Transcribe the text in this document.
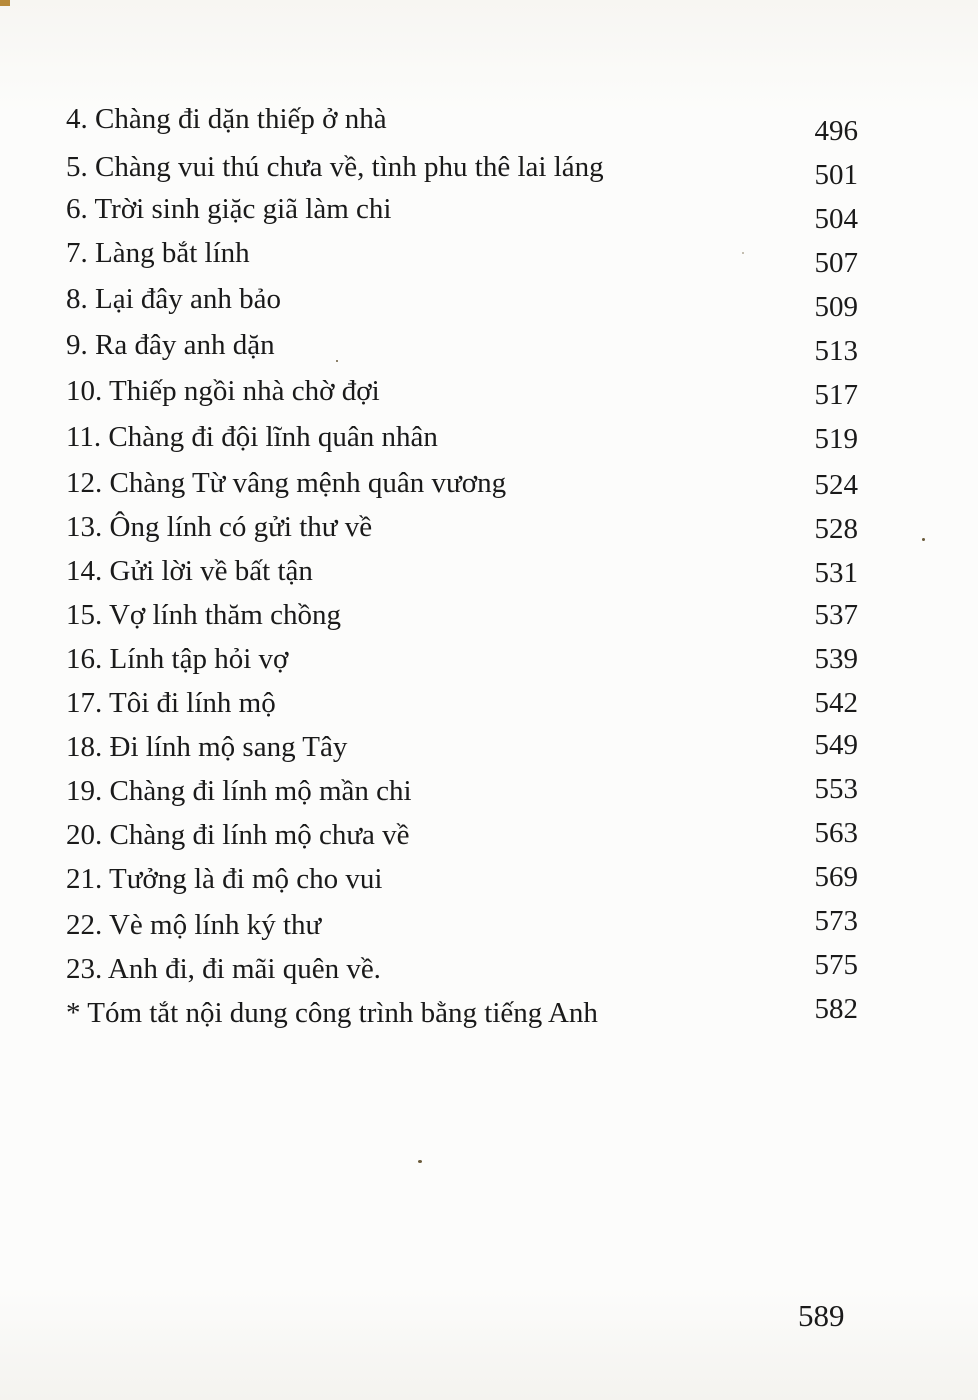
4. Chàng đi dặn thiếp ở nhà	496
5. Chàng vui thú chưa về, tình phu thê lai láng	501
6. Trời sinh giặc giã làm chi	504
7. Làng bắt lính	507
8. Lại đây anh bảo	509
9. Ra đây anh dặn	513
10. Thiếp ngồi nhà chờ đợi	517
11. Chàng đi đội lĩnh quân nhân	519
12. Chàng Từ vâng mệnh quân vương	524
13. Ông lính có gửi thư về	528
14. Gửi lời về bất tận	531
15. Vợ lính thăm chồng	537
16. Lính tập hỏi vợ	539
17. Tôi đi lính mộ	542
18. Đi lính mộ sang Tây	549
19. Chàng đi lính mộ mần chi	553
20. Chàng đi lính mộ chưa về	563
21. Tưởng là đi mộ cho vui	569
22. Vè mộ lính ký thư	573
23. Anh đi, đi mãi quên về.	575
* Tóm tắt nội dung công trình bằng tiếng Anh	582
589
